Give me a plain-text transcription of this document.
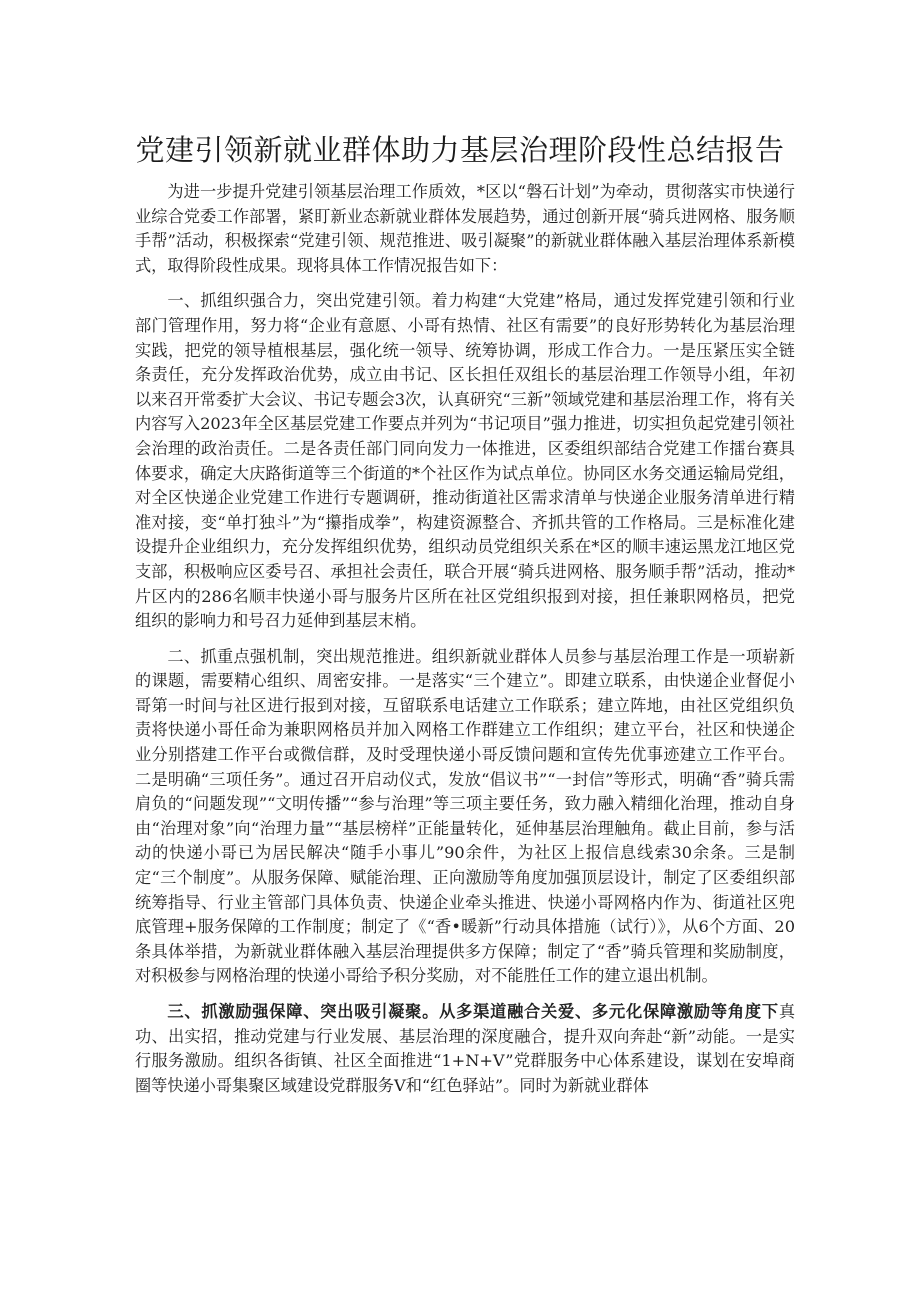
党建引领新就业群体助力基层治理阶段性总结报告

为进一步提升党建引领基层治理工作质效，*区以“磐石计划”为牵动，贯彻落实市快递行业综合党委工作部署，紧盯新业态新就业群体发展趋势，通过创新开展“骑兵进网格、服务顺手帮”活动，积极探索“党建引领、规范推进、吸引凝聚”的新就业群体融入基层治理体系新模式，取得阶段性成果。现将具体工作情况报告如下：

一、抓组织强合力，突出党建引领。着力构建“大党建”格局，通过发挥党建引领和行业部门管理作用，努力将“企业有意愿、小哥有热情、社区有需要”的良好形势转化为基层治理实践，把党的领导植根基层，强化统一领导、统筹协调，形成工作合力。一是压紧压实全链条责任，充分发挥政治优势，成立由书记、区长担任双组长的基层治理工作领导小组，年初以来召开常委扩大会议、书记专题会3次，认真研究“三新”领域党建和基层治理工作，将有关内容写入2023年全区基层党建工作要点并列为“书记项目”强力推进，切实担负起党建引领社会治理的政治责任。二是各责任部门同向发力一体推进，区委组织部结合党建工作擂台赛具体要求，确定大庆路街道等三个街道的*个社区作为试点单位。协同区水务交通运输局党组，对全区快递企业党建工作进行专题调研，推动街道社区需求清单与快递企业服务清单进行精准对接，变“单打独斗”为“攥指成拳”，构建资源整合、齐抓共管的工作格局。三是标准化建设提升企业组织力，充分发挥组织优势，组织动员党组织关系在*区的顺丰速运黑龙江地区党支部，积极响应区委号召、承担社会责任，联合开展“骑兵进网格、服务顺手帮”活动，推动*片区内的286名顺丰快递小哥与服务片区所在社区党组织报到对接，担任兼职网格员，把党组织的影响力和号召力延伸到基层末梢。

二、抓重点强机制，突出规范推进。组织新就业群体人员参与基层治理工作是一项崭新的课题，需要精心组织、周密安排。一是落实“三个建立”。即建立联系，由快递企业督促小哥第一时间与社区进行报到对接，互留联系电话建立工作联系；建立阵地，由社区党组织负责将快递小哥任命为兼职网格员并加入网格工作群建立工作组织；建立平台，社区和快递企业分别搭建工作平台或微信群，及时受理快递小哥反馈问题和宣传先优事迹建立工作平台。二是明确“三项任务”。通过召开启动仪式，发放“倡议书”“一封信”等形式，明确“香”骑兵需肩负的“问题发现”“文明传播”“参与治理”等三项主要任务，致力融入精细化治理，推动自身由“治理对象”向“治理力量”“基层榜样”正能量转化，延伸基层治理触角。截止目前，参与活动的快递小哥已为居民解决“随手小事儿”90余件，为社区上报信息线索30余条。三是制定“三个制度”。从服务保障、赋能治理、正向激励等角度加强顶层设计，制定了区委组织部统筹指导、行业主管部门具体负责、快递企业牵头推进、快递小哥网格内作为、街道社区兜底管理+服务保障的工作制度；制定了《“香•暖新”行动具体措施（试行）》，从6个方面、20条具体举措，为新就业群体融入基层治理提供多方保障；制定了“香”骑兵管理和奖励制度，对积极参与网格治理的快递小哥给予积分奖励，对不能胜任工作的建立退出机制。

三、抓激励强保障、突出吸引凝聚。从多渠道融合关爱、多元化保障激励等角度下真功、出实招，推动党建与行业发展、基层治理的深度融合，提升双向奔赴“新”动能。一是实行服务激励。组织各街镇、社区全面推进“1+N+V”党群服务中心体系建设，谋划在安埠商圈等快递小哥集聚区域建设党群服务V和“红色驿站”。同时为新就业群体
